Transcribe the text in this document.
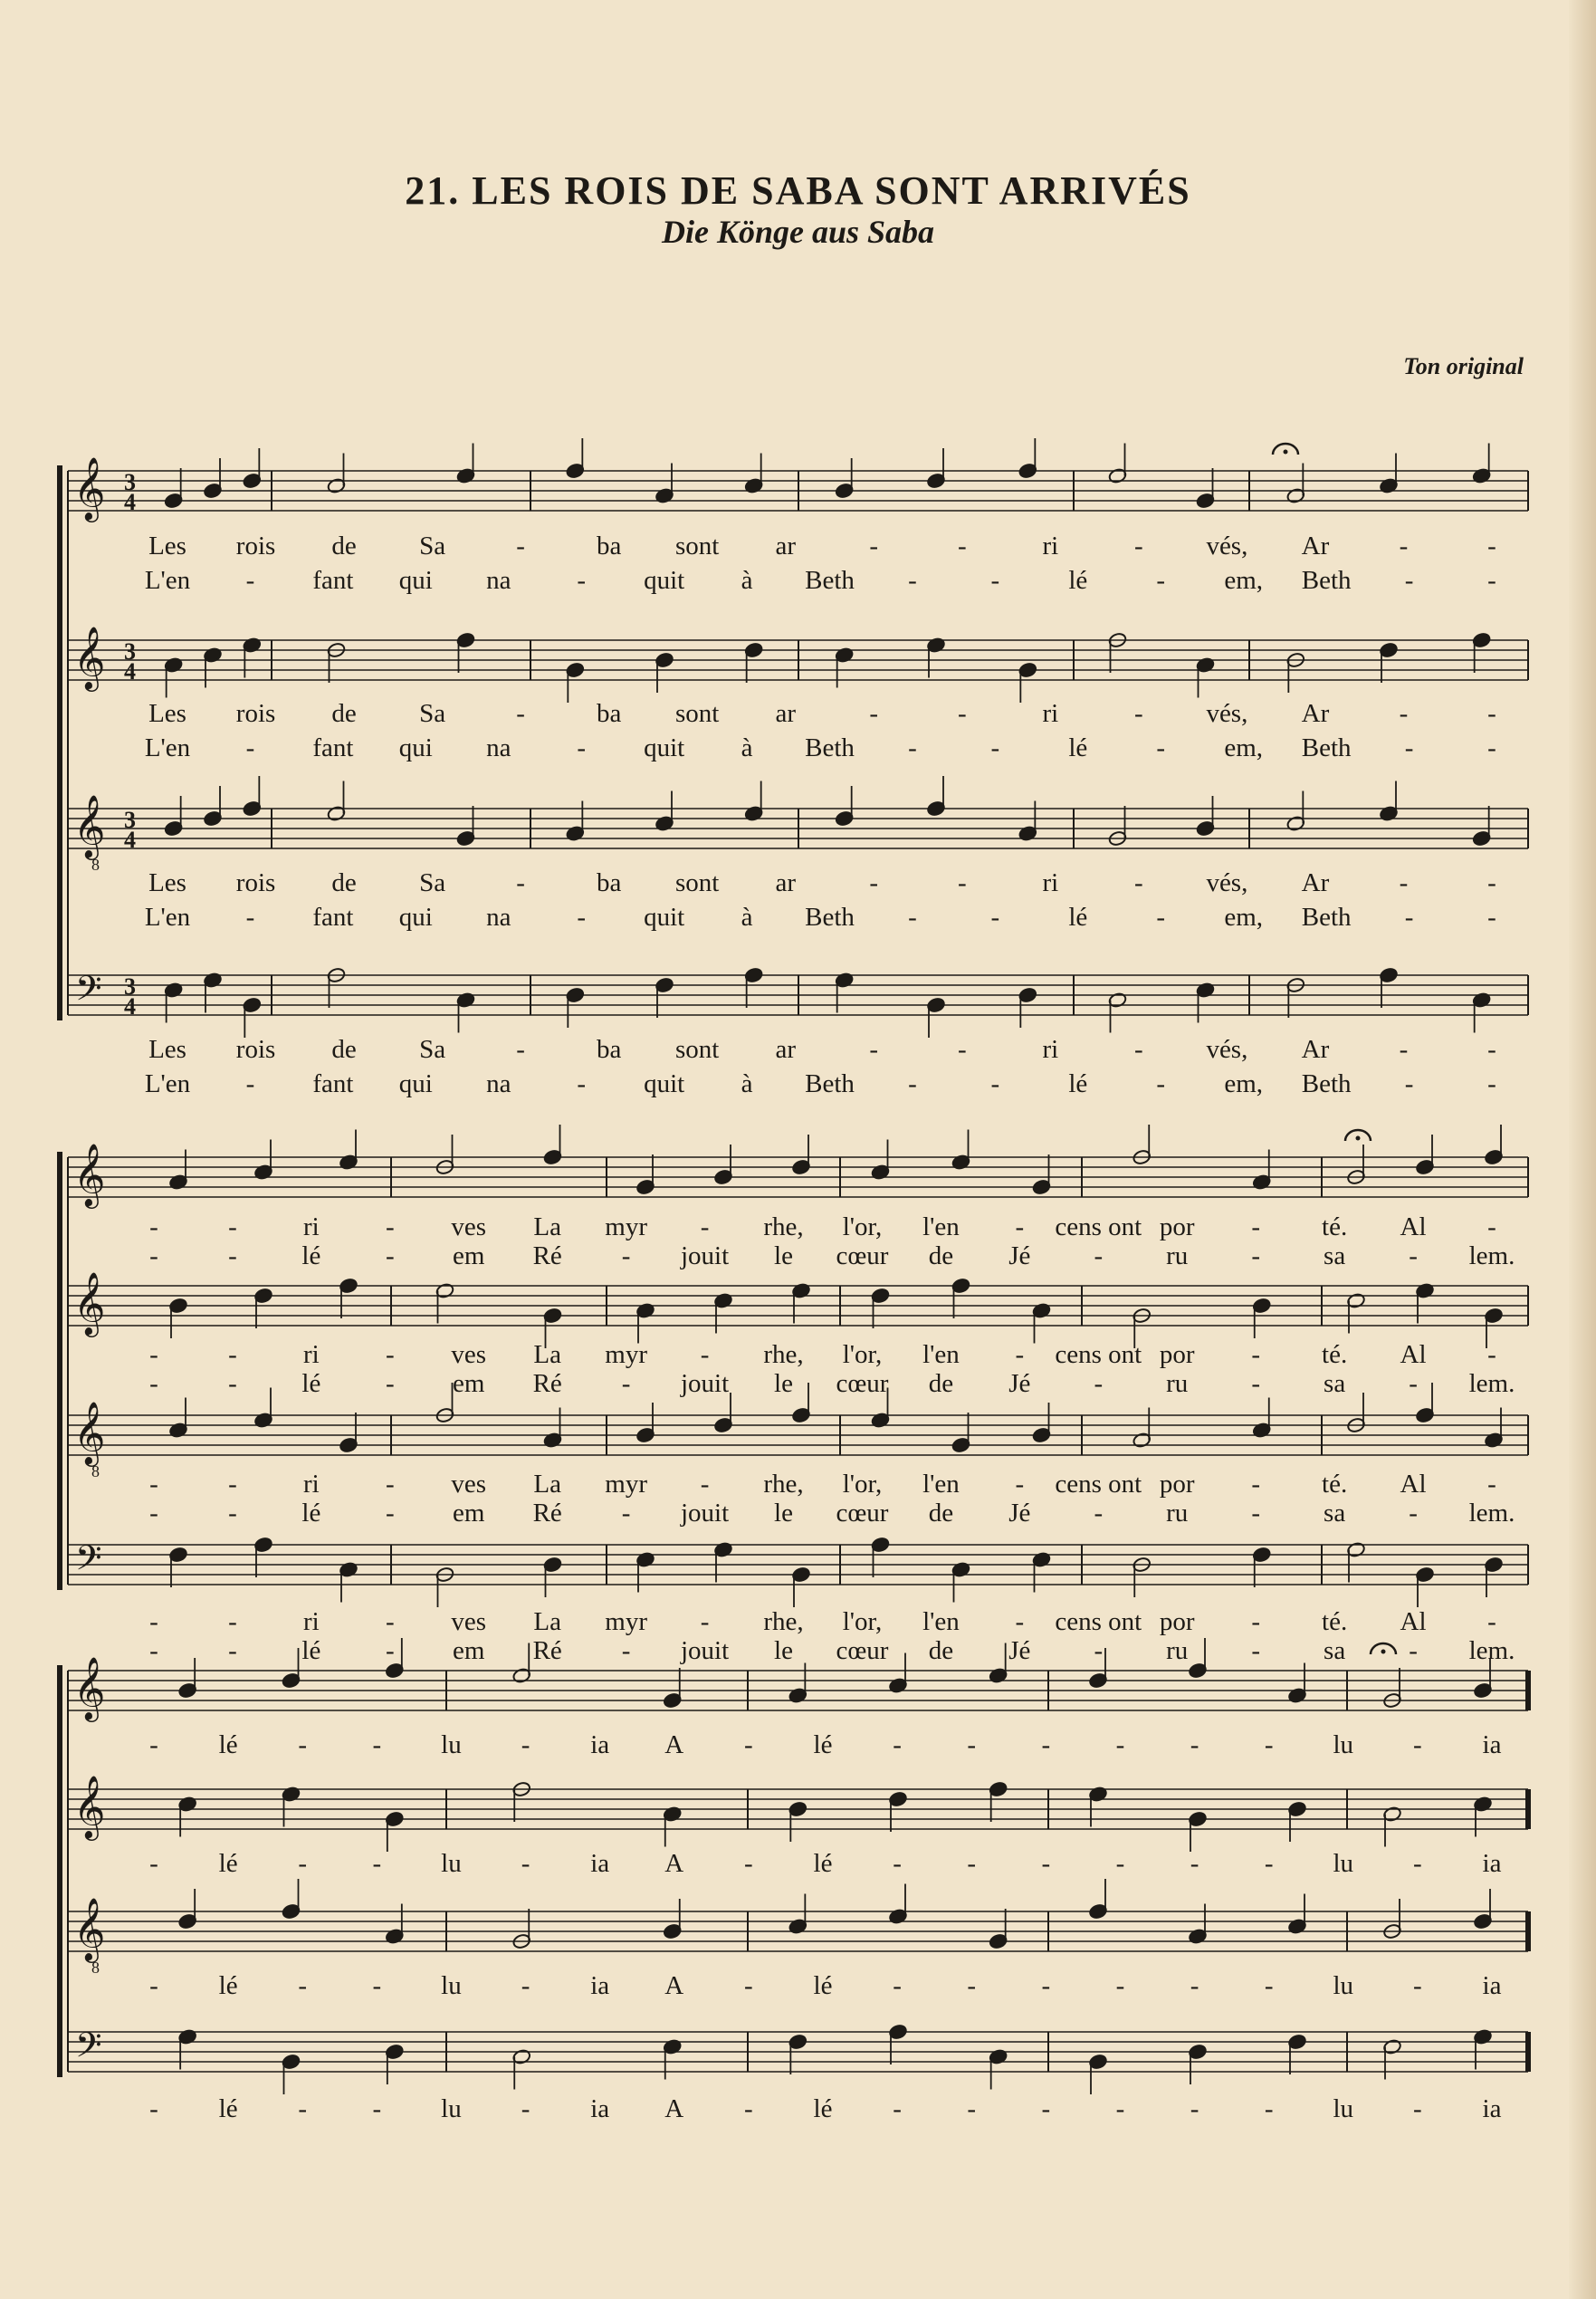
21. LES ROIS DE SABA SONT ARRIVÉS
Die Könge aus Saba
Ton original
𝄞 3
4
𝄞 3
4
𝄞
8
3
4
𝄢 3
4
Les rois de Sa	-	ba sont ar	-	-	ri	- vés, Ar	-	-
L'en - fant qui na	- quit à Beth -	-	lé	- em, Beth -	-
Les rois de Sa	-	ba sont ar	-	-	ri	- vés, Ar	-	-
L'en - fant qui na	- quit à Beth -	-	lé	- em, Beth -	-
Les rois de Sa	-	ba sont ar	-	-	ri	- vés, Ar	-	-
L'en - fant qui na	- quit à Beth -	-	lé	- em, Beth -	-
Les rois de Sa	-	ba sont ar	-	-	ri	- vés, Ar	-	-
L'en - fant qui na	- quit à Beth -	-	lé	- em, Beth -	-
𝄞
𝄞
𝄞
8
𝄢
-	-	ri	- ves La myr - rhe, l'or, l'en - cens ont por - té. Al -
-	- lé - em Ré - jouit le cœur de Jé - ru - sa - lem.
-	-	ri	- ves La myr - rhe, l'or, l'en - cens ont por - té. Al -
-	- lé - em Ré - jouit le cœur de Jé - ru - sa - lem.
-	-	ri	- ves La myr - rhe, l'or, l'en - cens ont por - té. Al -
-	- lé - em Ré - jouit le cœur de Jé - ru - sa - lem.
-	-	ri	- ves La myr - rhe, l'or, l'en - cens ont por - té. Al -
-	- lé - em Ré - jouit le cœur de Jé - ru - sa - lem.
𝄞
𝄞
𝄞
8
𝄢
- lé - - lu - ia A - lé - - - - - - lu - ia
- lé - - lu - ia A - lé - - - - - - lu - ia
- lé - - lu - ia A - lé - - - - - - lu - ia
- lé - - lu - ia A - lé - - - - - - lu - ia
